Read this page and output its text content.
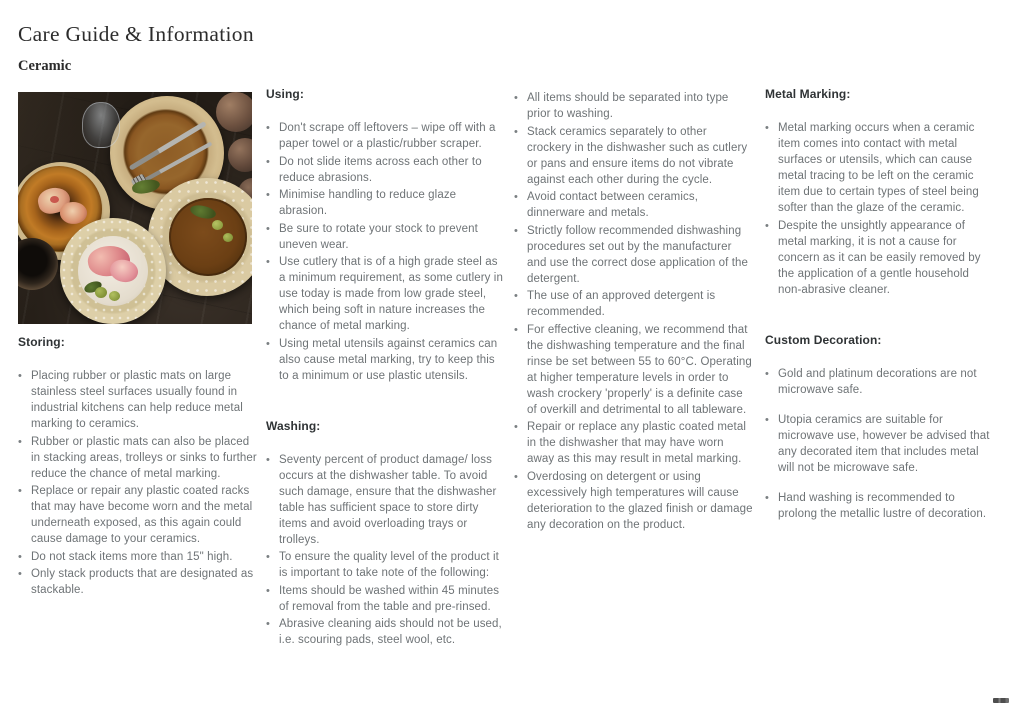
Care Guide & Information
Ceramic
Storing:
• Placing rubber or plastic mats on large stainless steel surfaces usually found in industrial kitchens can help reduce metal marking to ceramics.
• Rubber or plastic mats can also be placed in stacking areas, trolleys or sinks to further reduce the chance of metal marking.
• Replace or repair any plastic coated racks that may have become worn and the metal underneath exposed, as this again could cause damage to your ceramics.
• Do not stack items more than 15" high.
• Only stack products that are designated as stackable.
Using:
• Don't scrape off leftovers – wipe off with a paper towel or a plastic/rubber scraper.
• Do not slide items across each other to reduce abrasions.
• Minimise handling to reduce glaze abrasion.
• Be sure to rotate your stock to prevent uneven wear.
• Use cutlery that is of a high grade steel as a minimum requirement, as some cutlery in use today is made from low grade steel, which being soft in nature increases the chance of metal marking.
• Using metal utensils against ceramics can also cause metal marking, try to keep this to a minimum or use plastic utensils.
Washing:
• Seventy percent of product damage/ loss occurs at the dishwasher table. To avoid such damage, ensure that the dishwasher table has sufficient space to store dirty items and avoid overloading trays or trolleys.
• To ensure the quality level of the product it is important to take note of the following:
• Items should be washed within 45 minutes of removal from the table and pre-rinsed.
• Abrasive cleaning aids should not be used, i.e. scouring pads, steel wool, etc.
• All items should be separated into type prior to washing.
• Stack ceramics separately to other crockery in the dishwasher such as cutlery or pans and ensure items do not vibrate against each other during the cycle.
• Avoid contact between ceramics, dinnerware and metals.
• Strictly follow recommended dishwashing procedures set out by the manufacturer and use the correct dose application of the detergent.
• The use of an approved detergent is recommended.
• For effective cleaning, we recommend that the dishwashing temperature and the final rinse be set between 55 to 60°C. Operating at higher temperature levels in order to wash crockery 'properly' is a definite case of overkill and detrimental to all tableware.
• Repair or replace any plastic coated metal in the dishwasher that may have worn away as this may result in metal marking.
• Overdosing on detergent or using excessively high temperatures will cause deterioration to the glazed finish or damage any decoration on the product.
Metal Marking:
• Metal marking occurs when a ceramic item comes into contact with metal surfaces or utensils, which can cause metal tracing to be left on the ceramic item due to certain types of steel being softer than the glaze of the ceramic.
• Despite the unsightly appearance of metal marking, it is not a cause for concern as it can be easily removed by the application of a gentle household non-abrasive cleaner.
Custom Decoration:
• Gold and platinum decorations are not microwave safe.
• Utopia ceramics are suitable for microwave use, however be advised that any decorated item that includes metal will not be microwave safe.
• Hand washing is recommended to prolong the metallic lustre of decoration.
